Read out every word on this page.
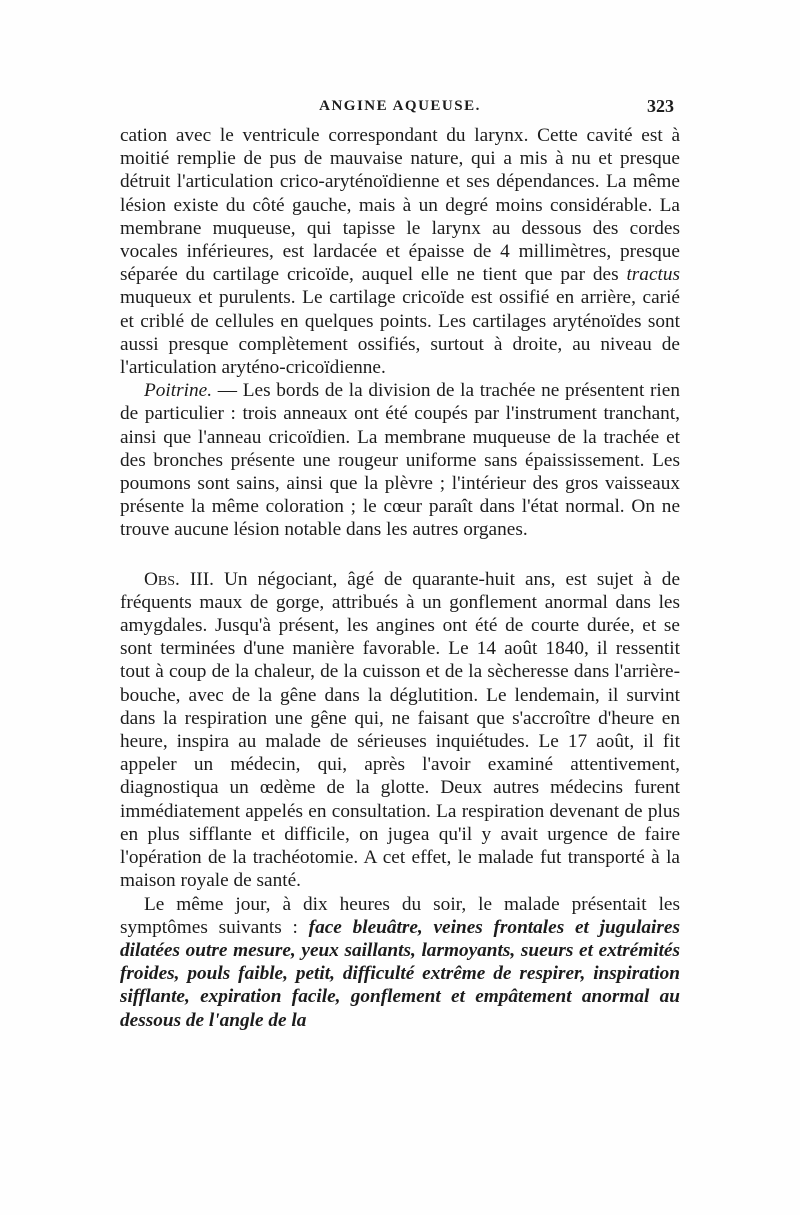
ANGINE AQUEUSE.	323

cation avec le ventricule correspondant du larynx. Cette cavité est à moitié remplie de pus de mauvaise nature, qui a mis à nu et presque détruit l'articulation crico-aryténoïdienne et ses dépendances. La même lésion existe du côté gauche, mais à un degré moins considérable. La membrane muqueuse, qui tapisse le larynx au dessous des cordes vocales inférieures, est lardacée et épaisse de 4 millimètres, presque séparée du cartilage cricoïde, auquel elle ne tient que par des tractus muqueux et purulents. Le cartilage cricoïde est ossifié en arrière, carié et criblé de cellules en quelques points. Les cartilages aryténoïdes sont aussi presque complètement ossifiés, surtout à droite, au niveau de l'articulation aryténo-cricoïdienne.

Poitrine. — Les bords de la division de la trachée ne présentent rien de particulier : trois anneaux ont été coupés par l'instrument tranchant, ainsi que l'anneau cricoïdien. La membrane muqueuse de la trachée et des bronches présente une rougeur uniforme sans épaississement. Les poumons sont sains, ainsi que la plèvre ; l'intérieur des gros vaisseaux présente la même coloration ; le cœur paraît dans l'état normal. On ne trouve aucune lésion notable dans les autres organes.

Obs. III. Un négociant, âgé de quarante-huit ans, est sujet à de fréquents maux de gorge, attribués à un gonflement anormal dans les amygdales. Jusqu'à présent, les angines ont été de courte durée, et se sont terminées d'une manière favorable. Le 14 août 1840, il ressentit tout à coup de la chaleur, de la cuisson et de la sècheresse dans l'arrière-bouche, avec de la gêne dans la déglutition. Le lendemain, il survint dans la respiration une gêne qui, ne faisant que s'accroître d'heure en heure, inspira au malade de sérieuses inquiétudes. Le 17 août, il fit appeler un médecin, qui, après l'avoir examiné attentivement, diagnostiqua un œdème de la glotte. Deux autres médecins furent immédiatement appelés en consultation. La respiration devenant de plus en plus sifflante et difficile, on jugea qu'il y avait urgence de faire l'opération de la trachéotomie. A cet effet, le malade fut transporté à la maison royale de santé.

Le même jour, à dix heures du soir, le malade présentait les symptômes suivants : face bleuâtre, veines frontales et jugulaires dilatées outre mesure, yeux saillants, larmoyants, sueurs et extrémités froides, pouls faible, petit, difficulté extrême de respirer, inspiration sifflante, expiration facile, gonflement et empâtement anormal au dessous de l'angle de la
